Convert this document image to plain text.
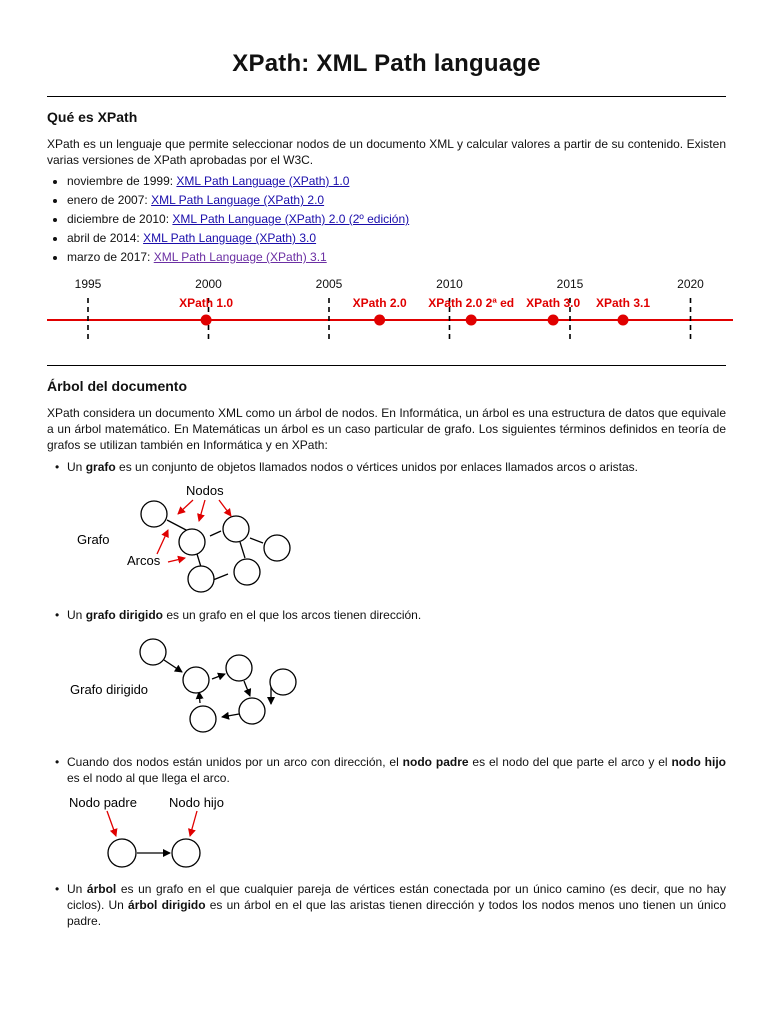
XPath: XML Path language
Qué es XPath

XPath es un lenguaje que permite seleccionar nodos de un documento XML y calcular valores a partir de su contenido. Existen varias versiones de XPath aprobadas por el W3C.

• noviembre de 1999: XML Path Language (XPath) 1.0
• enero de 2007: XML Path Language (XPath) 2.0
• diciembre de 2010: XML Path Language (XPath) 2.0 (2º edición)
• abril de 2014: XML Path Language (XPath) 3.0
• marzo de 2017: XML Path Language (XPath) 3.1
1995	2000	2005	2010	2015	2020
XPath 1.0	XPath 2.0 XPath 2.0 2ª ed XPath 3.0 XPath 3.1
Árbol del documento

XPath considera un documento XML como un árbol de nodos. En Informática, un árbol es una estructura de datos que equivale a un árbol matemático. En Matemáticas un árbol es un caso particular de grafo. Los siguientes términos definidos en teoría de grafos se utilizan también en Informática y en XPath:

• Un grafo es un conjunto de objetos llamados nodos o vértices unidos por enlaces llamados arcos o aristas.
Grafo
Nodos
Arcos
• Un grafo dirigido es un grafo en el que los arcos tienen dirección.
Grafo dirigido
• Cuando dos nodos están unidos por un arco con dirección, el nodo padre es el nodo del que parte el arco y el nodo hijo es el nodo al que llega el arco.
Nodo padre Nodo hijo
• Un árbol es un grafo en el que cualquier pareja de vértices están conectada por un único camino (es decir, que no hay ciclos). Un árbol dirigido es un árbol en el que las aristas tienen dirección y todos los nodos menos uno tienen un único padre.
